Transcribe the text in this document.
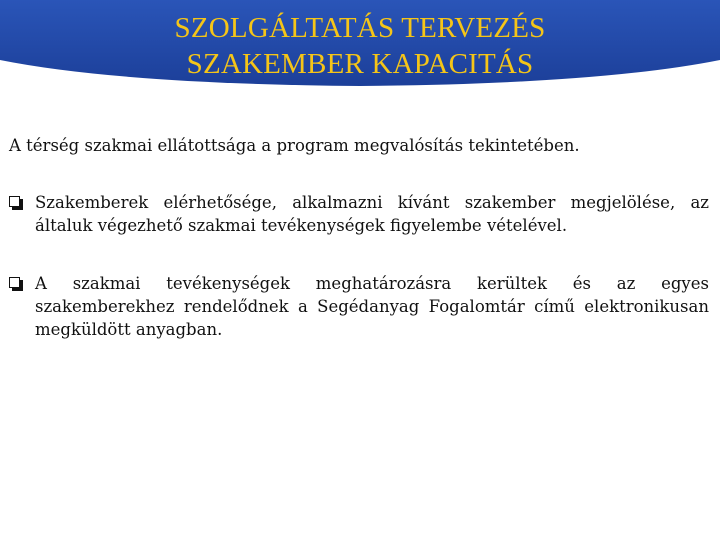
SZOLGÁLTATÁS TERVEZÉS
SZAKEMBER KAPACITÁS

A térség szakmai ellátottsága a program megvalósítás tekintetében.

Szakemberek elérhetősége, alkalmazni kívánt szakember megjelölése, az általuk végezhető szakmai tevékenységek figyelembe vételével.
A szakmai tevékenységek meghatározásra kerültek és az egyes szakemberekhez rendelődnek a Segédanyag Fogalomtár című elektronikusan megküldött anyagban.
